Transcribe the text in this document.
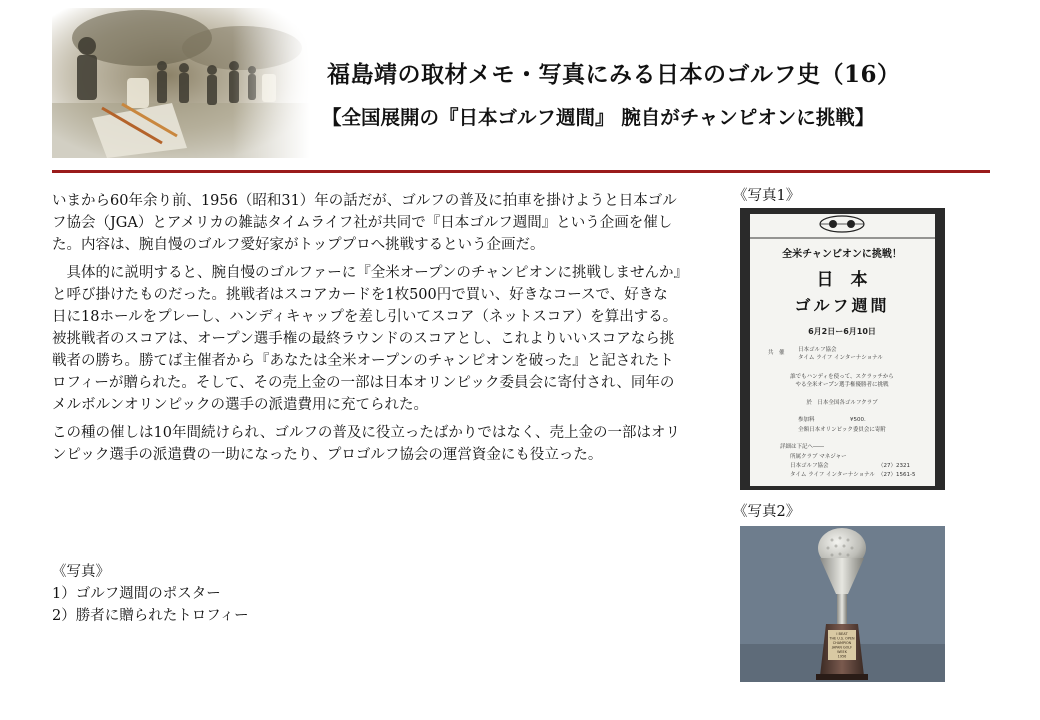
福島靖の取材メモ・写真にみる日本のゴルフ史（16）
【全国展開の『日本ゴルフ週間』 腕自がチャンピオンに挑戦】

いまから60年余り前、1956（昭和31）年の話だが、ゴルフの普及に拍車を掛けようと日本ゴルフ協会（JGA）とアメリカの雑誌タイムライフ社が共同で『日本ゴルフ週間』という企画を催した。内容は、腕自慢のゴルフ愛好家がトッププロへ挑戦するという企画だ。

具体的に説明すると、腕自慢のゴルファーに『全米オープンのチャンピオンに挑戦しませんか』と呼び掛けたものだった。挑戦者はスコアカードを1枚500円で買い、好きなコースで、好きな日に18ホールをプレーし、ハンディキャップを差し引いてスコア（ネットスコア）を算出する。被挑戦者のスコアは、オープン選手権の最終ラウンドのスコアとし、これよりいいスコアなら挑戦者の勝ち。勝てば主催者から『あなたは全米オープンのチャンピオンを破った』と記されたトロフィーが贈られた。そして、その売上金の一部は日本オリンピック委員会に寄付され、同年のメルボルンオリンピックの選手の派遣費用に充てられた。

この種の催しは10年間続けられ、ゴルフの普及に役立ったばかりではなく、売上金の一部はオリンピック選手の派遣費の一助になったり、プロゴルフ協会の運営資金にも役立った。

《写真》
1）ゴルフ週間のポスター
2）勝者に贈られたトロフィー
《写真1》
全米チャンピオンに挑戦！
日　本
ゴルフ週間
6月2日ー6月10日
共　催 日本ゴルフ協会
タイム ライフ インターナショナル
誰でもハンディを使って、スクラッチから
やる全米オープン選手権優勝者に挑戦
於　日本全国各ゴルフクラブ
参加料	¥500.
全額日本オリンピック委員会に寄附
詳細は下記へ――
所属クラブ マネジャー
日本ゴルフ協会	（27）2321
タイム ライフ インターナショナル （27）1561-5
《写真2》
I BEAT
THE U.S. OPEN
CHAMPION
JAPAN GOLF
WEEK
1956
